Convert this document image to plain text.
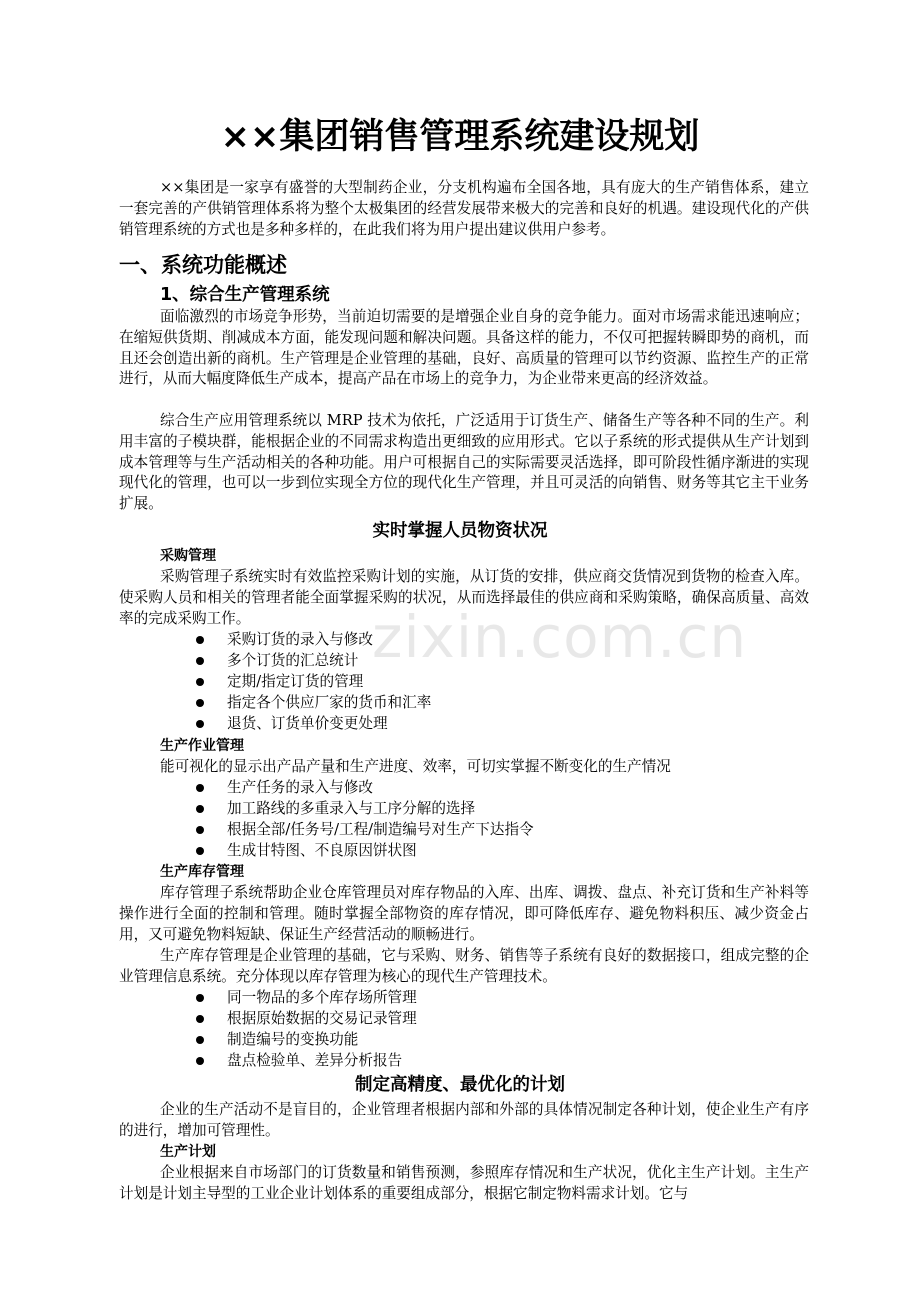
××集团销售管理系统建设规划

××集团是一家享有盛誉的大型制药企业，分支机构遍布全国各地，具有庞大的生产销售体系，建立一套完善的产供销管理体系将为整个太极集团的经营发展带来极大的完善和良好的机遇。建设现代化的产供销管理系统的方式也是多种多样的，在此我们将为用户提出建议供用户参考。

一、系统功能概述
1、综合生产管理系统

面临激烈的市场竞争形势，当前迫切需要的是增强企业自身的竞争能力。面对市场需求能迅速响应；在缩短供货期、削减成本方面，能发现问题和解决问题。具备这样的能力，不仅可把握转瞬即势的商机，而且还会创造出新的商机。生产管理是企业管理的基础，良好、高质量的管理可以节约资源、监控生产的正常进行，从而大幅度降低生产成本，提高产品在市场上的竞争力，为企业带来更高的经济效益。

综合生产应用管理系统以 MRP 技术为依托，广泛适用于订货生产、储备生产等各种不同的生产。利用丰富的子模块群，能根据企业的不同需求构造出更细致的应用形式。它以子系统的形式提供从生产计划到成本管理等与生产活动相关的各种功能。用户可根据自己的实际需要灵活选择，即可阶段性循序渐进的实现现代化的管理，也可以一步到位实现全方位的现代化生产管理，并且可灵活的向销售、财务等其它主干业务扩展。

实时掌握人员物资状况
采购管理

采购管理子系统实时有效监控采购计划的实施，从订货的安排，供应商交货情况到货物的检查入库。使采购人员和相关的管理者能全面掌握采购的状况，从而选择最佳的供应商和采购策略，确保高质量、高效率的完成采购工作。

采购订货的录入与修改
多个订货的汇总统计
定期/指定订货的管理
指定各个供应厂家的货币和汇率
退货、订货单价变更处理
生产作业管理

能可视化的显示出产品产量和生产进度、效率，可切实掌握不断变化的生产情况

生产任务的录入与修改
加工路线的多重录入与工序分解的选择
根据全部/任务号/工程/制造编号对生产下达指令
生成甘特图、不良原因饼状图
生产库存管理

库存管理子系统帮助企业仓库管理员对库存物品的入库、出库、调拨、盘点、补充订货和生产补料等操作进行全面的控制和管理。随时掌握全部物资的库存情况，即可降低库存、避免物料积压、减少资金占用，又可避免物料短缺、保证生产经营活动的顺畅进行。

生产库存管理是企业管理的基础，它与采购、财务、销售等子系统有良好的数据接口，组成完整的企业管理信息系统。充分体现以库存管理为核心的现代生产管理技术。

同一物品的多个库存场所管理
根据原始数据的交易记录管理
制造编号的变换功能
盘点检验单、差异分析报告
制定高精度、最优化的计划

企业的生产活动不是盲目的，企业管理者根据内部和外部的具体情况制定各种计划，使企业生产有序的进行，增加可管理性。

生产计划

企业根据来自市场部门的订货数量和销售预测，参照库存情况和生产状况，优化主生产计划。主生产计划是计划主导型的工业企业计划体系的重要组成部分，根据它制定物料需求计划。它与

zixin.com.cn
